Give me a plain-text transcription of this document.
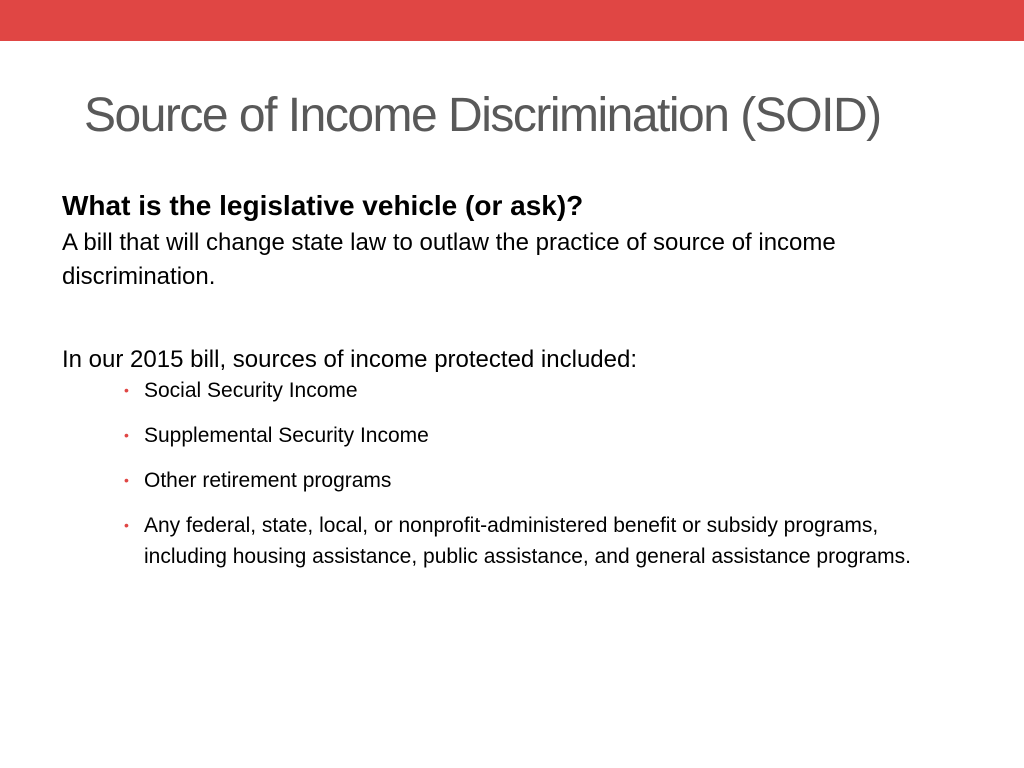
Source of Income Discrimination (SOID)

What is the legislative vehicle (or ask)?

A bill that will change state law to outlaw the practice of source of income discrimination.

In our 2015 bill, sources of income protected included:

• Social Security Income
• Supplemental Security Income
• Other retirement programs
• Any federal, state, local, or nonprofit-administered benefit or subsidy programs, including housing assistance, public assistance, and general assistance programs.
